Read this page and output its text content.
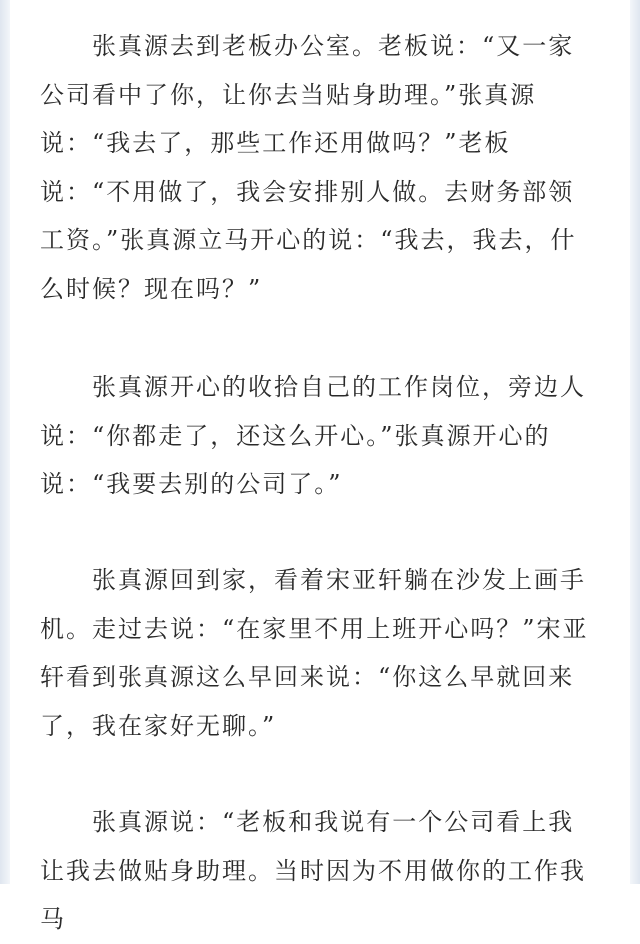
张真源去到老板办公室。老板说：“又一家公司看中了你，让你去当贴身助理。”张真源说：“我去了，那些工作还用做吗？”老板说：“不用做了，我会安排别人做。去财务部领工资。”张真源立马开心的说：“我去，我去，什么时候？现在吗？”

张真源开心的收拾自己的工作岗位，旁边人说：“你都走了，还这么开心。”张真源开心的说：“我要去别的公司了。”

张真源回到家，看着宋亚轩躺在沙发上画手机。走过去说：“在家里不用上班开心吗？”宋亚轩看到张真源这么早回来说：“你这么早就回来了，我在家好无聊。”

张真源说：“老板和我说有一个公司看上我让我去做贴身助理。当时因为不用做你的工作我马
